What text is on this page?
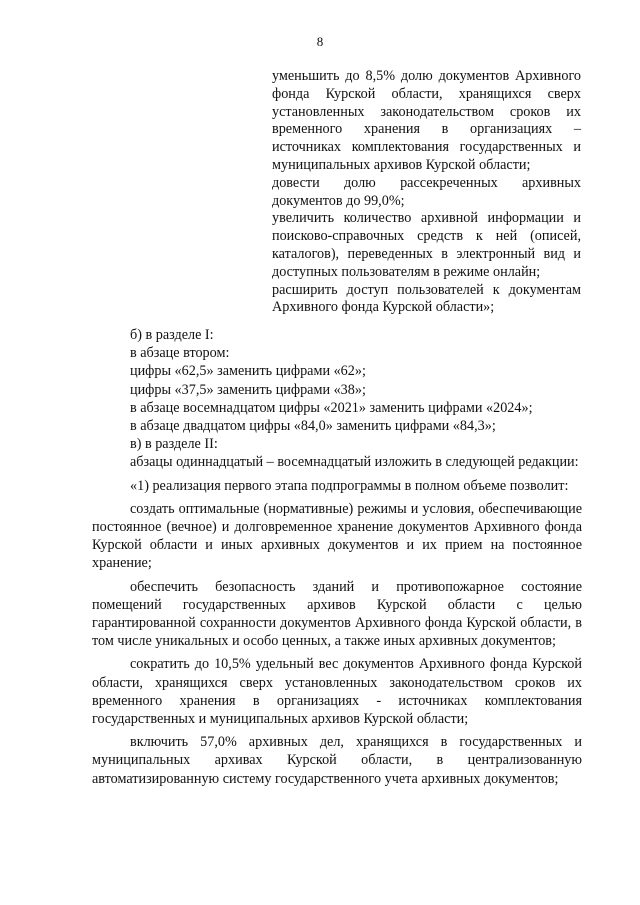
8

уменьшить до 8,5% долю документов Архивного фонда Курской области, хранящихся сверх установленных законодательством сроков их временного хранения в организациях – источниках комплектования государственных и муниципальных архивов Курской области;

довести долю рассекреченных архивных документов до 99,0%;

увеличить количество архивной информации и поисково-справочных средств к ней (описей, каталогов), переведенных в электронный вид и доступных пользователям в режиме онлайн;

расширить доступ пользователей к документам Архивного фонда Курской области»;

б) в разделе I:

в абзаце втором:

цифры «62,5» заменить цифрами «62»;

цифры «37,5» заменить цифрами «38»;

в абзаце восемнадцатом цифры «2021» заменить цифрами «2024»;

в абзаце двадцатом цифры «84,0» заменить цифрами «84,3»;

в) в разделе II:

абзацы одиннадцатый – восемнадцатый изложить в следующей редакции:

«1) реализация первого этапа подпрограммы в полном объеме позволит:

создать оптимальные (нормативные) режимы и условия, обеспечивающие постоянное (вечное) и долговременное хранение документов Архивного фонда Курской области и иных архивных документов и их прием на постоянное хранение;

обеспечить безопасность зданий и противопожарное состояние помещений государственных архивов Курской области с целью гарантированной сохранности документов Архивного фонда Курской области, в том числе уникальных и особо ценных, а также иных архивных документов;

сократить до 10,5% удельный вес документов Архивного фонда Курской области, хранящихся сверх установленных законодательством сроков их временного хранения в организациях - источниках комплектования государственных и муниципальных архивов Курской области;

включить 57,0% архивных дел, хранящихся в государственных и муниципальных архивах Курской области, в централизованную автоматизированную систему государственного учета архивных документов;
